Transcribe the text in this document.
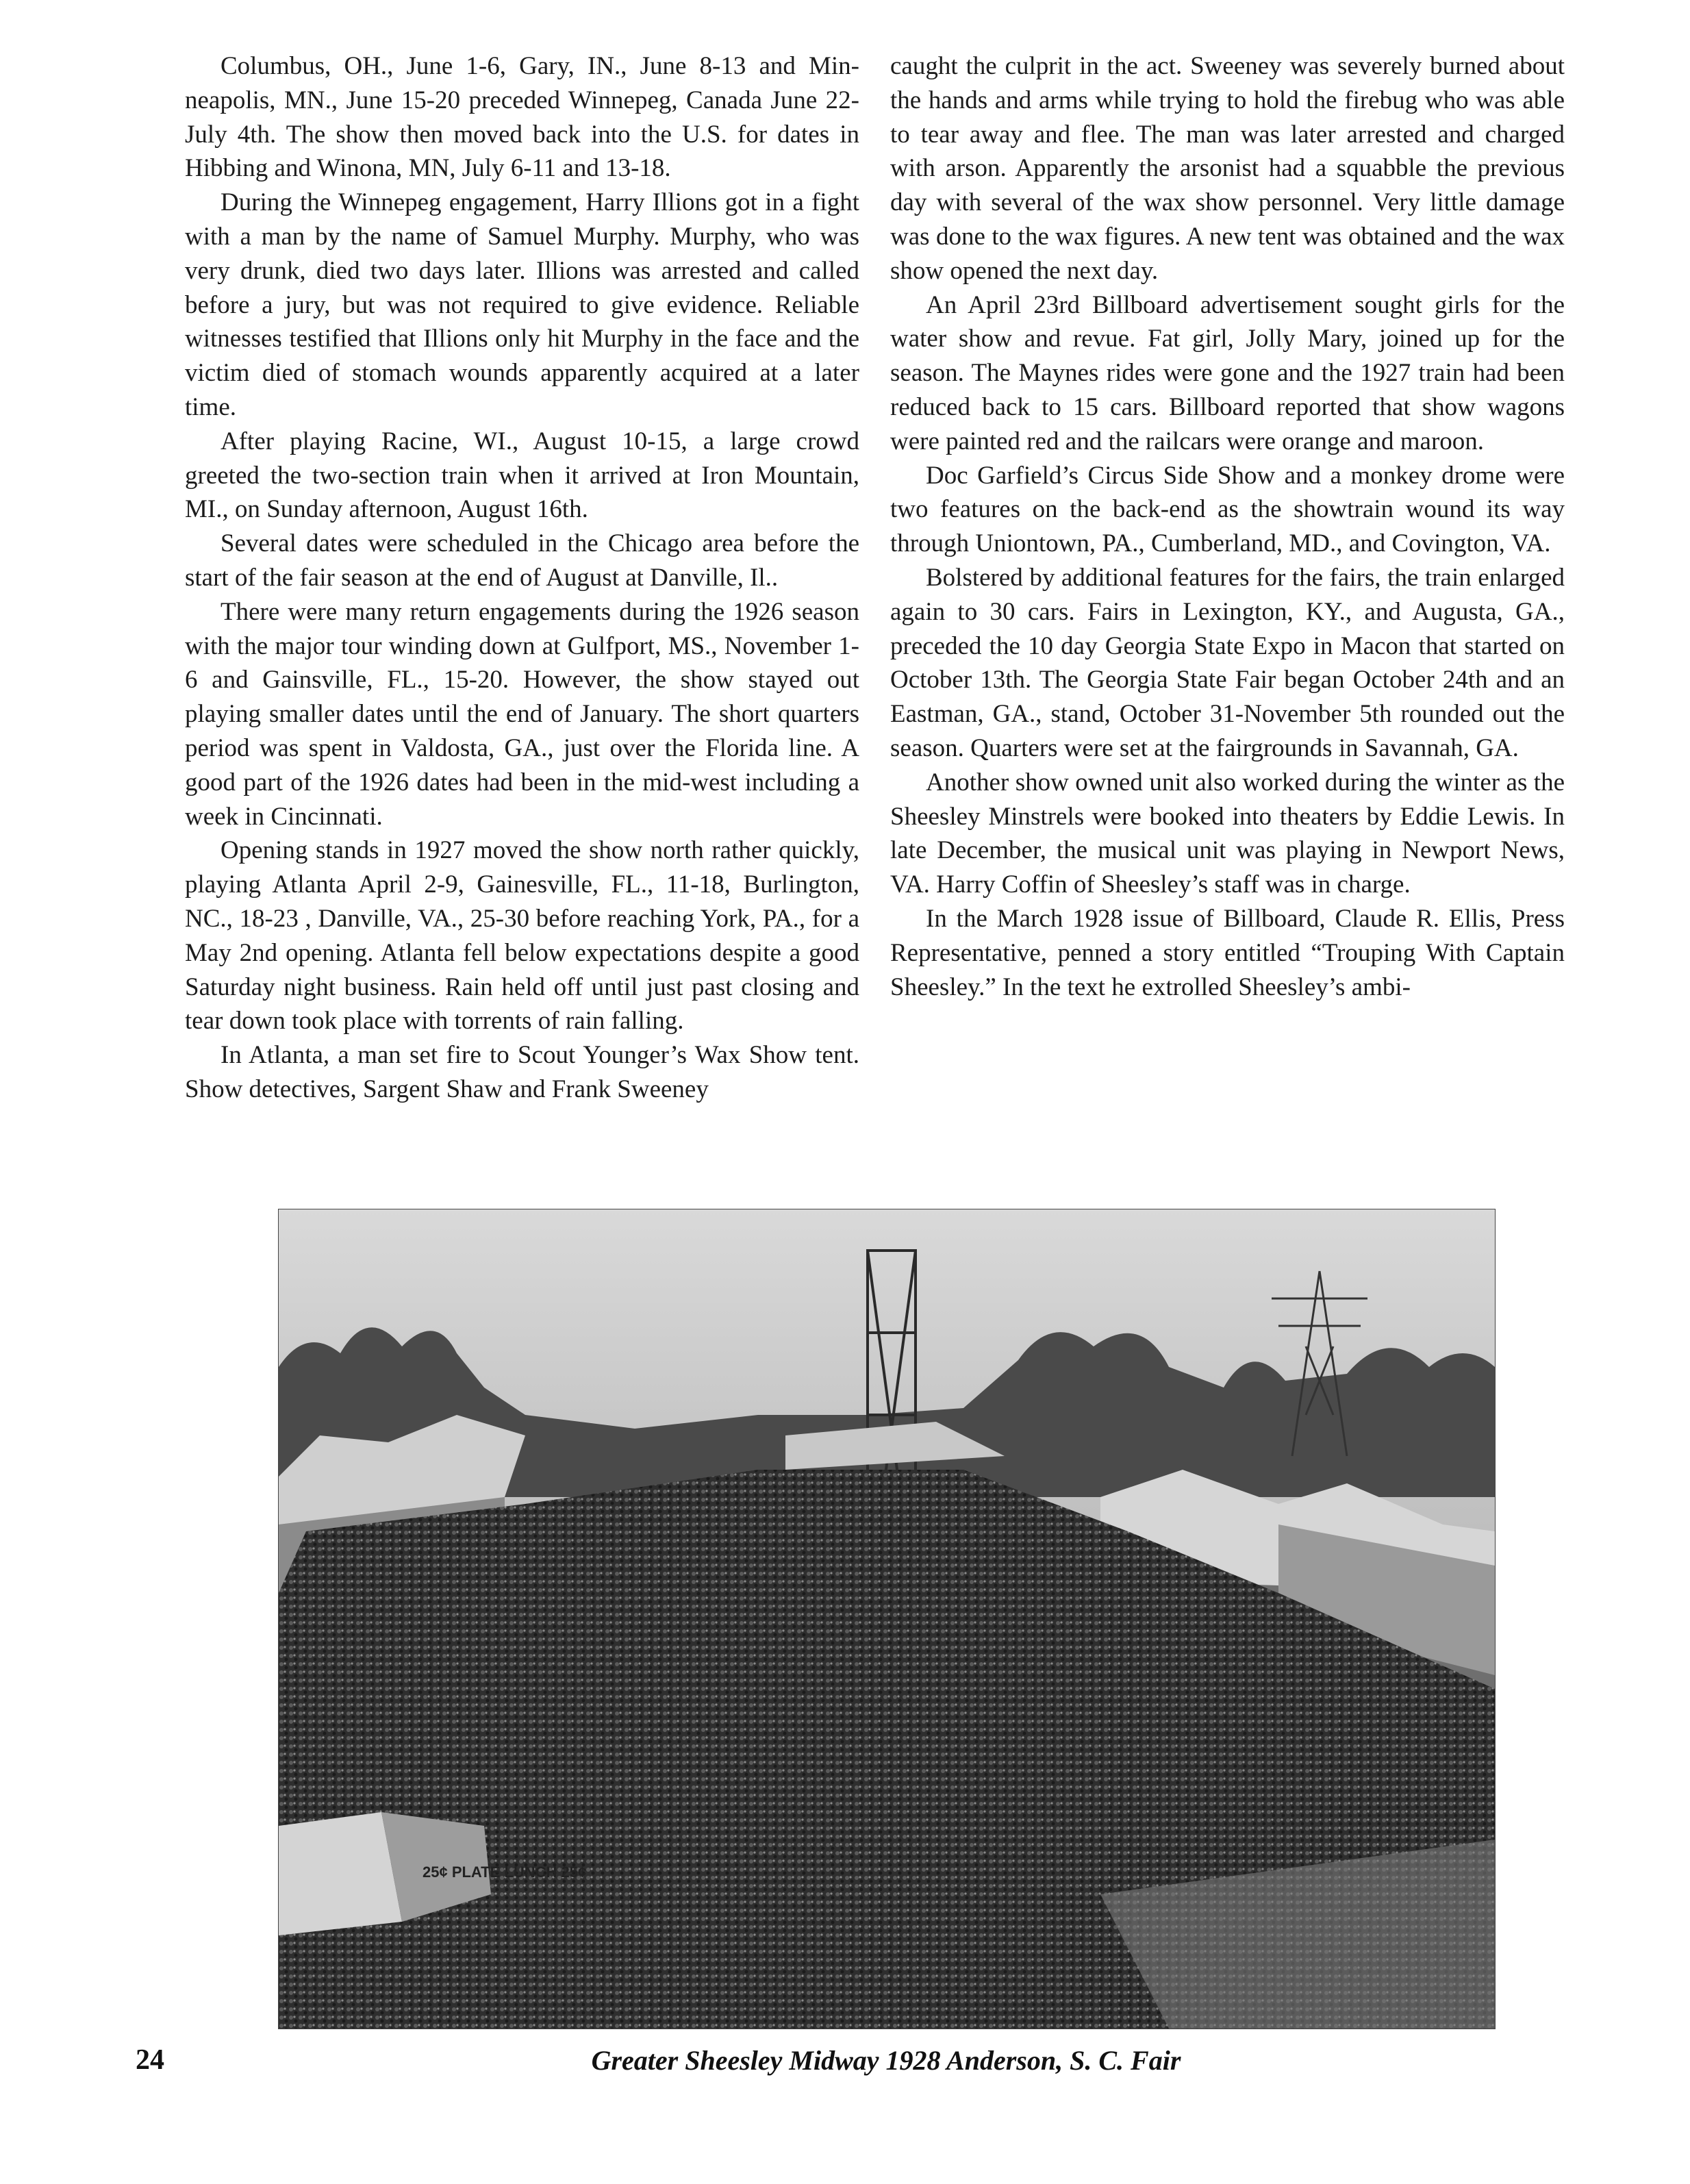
Columbus, OH., June 1-6, Gary, IN., June 8-13 and Minneapolis, MN., June 15-20 preceded Winnepeg, Canada June 22-July 4th. The show then moved back into the U.S. for dates in Hibbing and Winona, MN, July 6-11 and 13-18.

During the Winnepeg engagement, Harry Illions got in a fight with a man by the name of Samuel Murphy. Murphy, who was very drunk, died two days later. Illions was arrested and called before a jury, but was not required to give evidence. Reliable witnesses testified that Illions only hit Murphy in the face and the victim died of stomach wounds apparently acquired at a later time.

After playing Racine, WI., August 10-15, a large crowd greeted the two-section train when it arrived at Iron Mountain, MI., on Sunday afternoon, August 16th.

Several dates were scheduled in the Chicago area before the start of the fair season at the end of August at Danville, Il..

There were many return engagements during the 1926 season with the major tour winding down at Gulfport, MS., November 1-6 and Gainsville, FL., 15-20. However, the show stayed out playing smaller dates until the end of January. The short quarters period was spent in Valdosta, GA., just over the Florida line. A good part of the 1926 dates had been in the mid-west including a week in Cincinnati.

Opening stands in 1927 moved the show north rather quickly, playing Atlanta April 2-9, Gainesville, FL., 11-18, Burlington, NC., 18-23 , Danville, VA., 25-30 before reaching York, PA., for a May 2nd opening. Atlanta fell below expectations despite a good Saturday night business. Rain held off until just past closing and tear down took place with torrents of rain falling.

In Atlanta, a man set fire to Scout Younger’s Wax Show tent. Show detectives, Sargent Shaw and Frank Sweeney

caught the culprit in the act. Sweeney was severely burned about the hands and arms while trying to hold the firebug who was able to tear away and flee. The man was later arrested and charged with arson. Apparently the arsonist had a squabble the previous day with several of the wax show personnel. Very little damage was done to the wax figures. A new tent was obtained and the wax show opened the next day.

An April 23rd Billboard advertisement sought girls for the water show and revue. Fat girl, Jolly Mary, joined up for the season. The Maynes rides were gone and the 1927 train had been reduced back to 15 cars. Billboard reported that show wagons were painted red and the railcars were orange and maroon.

Doc Garfield’s Circus Side Show and a monkey drome were two features on the back-end as the showtrain wound its way through Uniontown, PA., Cumberland, MD., and Covington, VA.

Bolstered by additional features for the fairs, the train enlarged again to 30 cars. Fairs in Lexington, KY., and Augusta, GA., preceded the 10 day Georgia State Expo in Macon that started on October 13th. The Georgia State Fair began October 24th and an Eastman, GA., stand, October 31-November 5th rounded out the season. Quarters were set at the fairgrounds in Savannah, GA.

Another show owned unit also worked during the winter as the Sheesley Minstrels were booked into theaters by Eddie Lewis. In late December, the musical unit was playing in Newport News, VA. Harry Coffin of Sheesley’s staff was in charge.

In the March 1928 issue of Billboard, Claude R. Ellis, Press Representative, penned a story entitled “Trouping With Captain Sheesley.” In the text he extrolled Sheesley’s ambi-

25¢ PLATE LUNCH 25¢
Greater Sheesley Midway 1928 Anderson, S. C. Fair
24
